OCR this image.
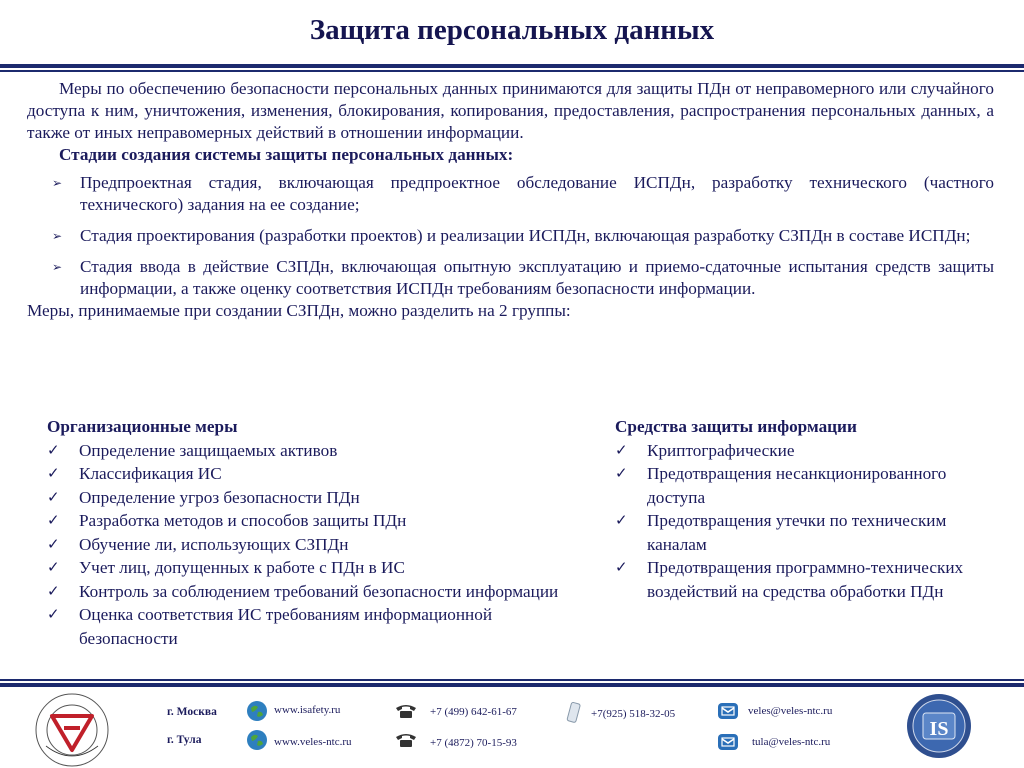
Защита персональных данных

Меры по обеспечению безопасности персональных данных принимаются для защиты ПДн от неправомерного или случайного доступа к ним, уничтожения, изменения, блокирования, копирования, предоставления, распространения персональных данных, а также от иных неправомерных действий в отношении информации.

Стадии создания системы защиты персональных данных:

➢ Предпроектная стадия, включающая предпроектное обследование ИСПДн, разработку технического (частного технического) задания на ее создание;
➢ Стадия проектирования (разработки проектов) и реализации ИСПДн, включающая разработку СЗПДн в составе ИСПДн;
➢ Стадия ввода в действие СЗПДн, включающая опытную эксплуатацию и приемо-сдаточные испытания средств защиты информации, а также оценку соответствия ИСПДн требованиям безопасности информации.

Меры, принимаемые при создании СЗПДн, можно разделить на 2 группы:

Организационные меры
✓ Определение защищаемых активов
✓ Классификация ИС
✓ Определение угроз безопасности ПДн
✓ Разработка методов и способов защиты ПДн
✓ Обучение ли, использующих СЗПДн
✓ Учет лиц, допущенных к работе с ПДн в ИС
✓ Контроль за соблюдением требований безопасности информации
✓ Оценка соответствия ИС требованиям информационной безопасности
Средства защиты информации
✓ Криптографические
✓ Предотвращения несанкционированного доступа
✓ Предотвращения утечки по техническим каналам
✓ Предотвращения программно-технических воздействий на средства обработки ПДн
г. Москва
г. Тула
www.isafety.ru
www.veles-ntc.ru
+7 (499) 642-61-67
+7 (4872) 70-15-93
+7(925) 518-32-05	veles@veles-ntc.ru
tula@veles-ntc.ru
IS
